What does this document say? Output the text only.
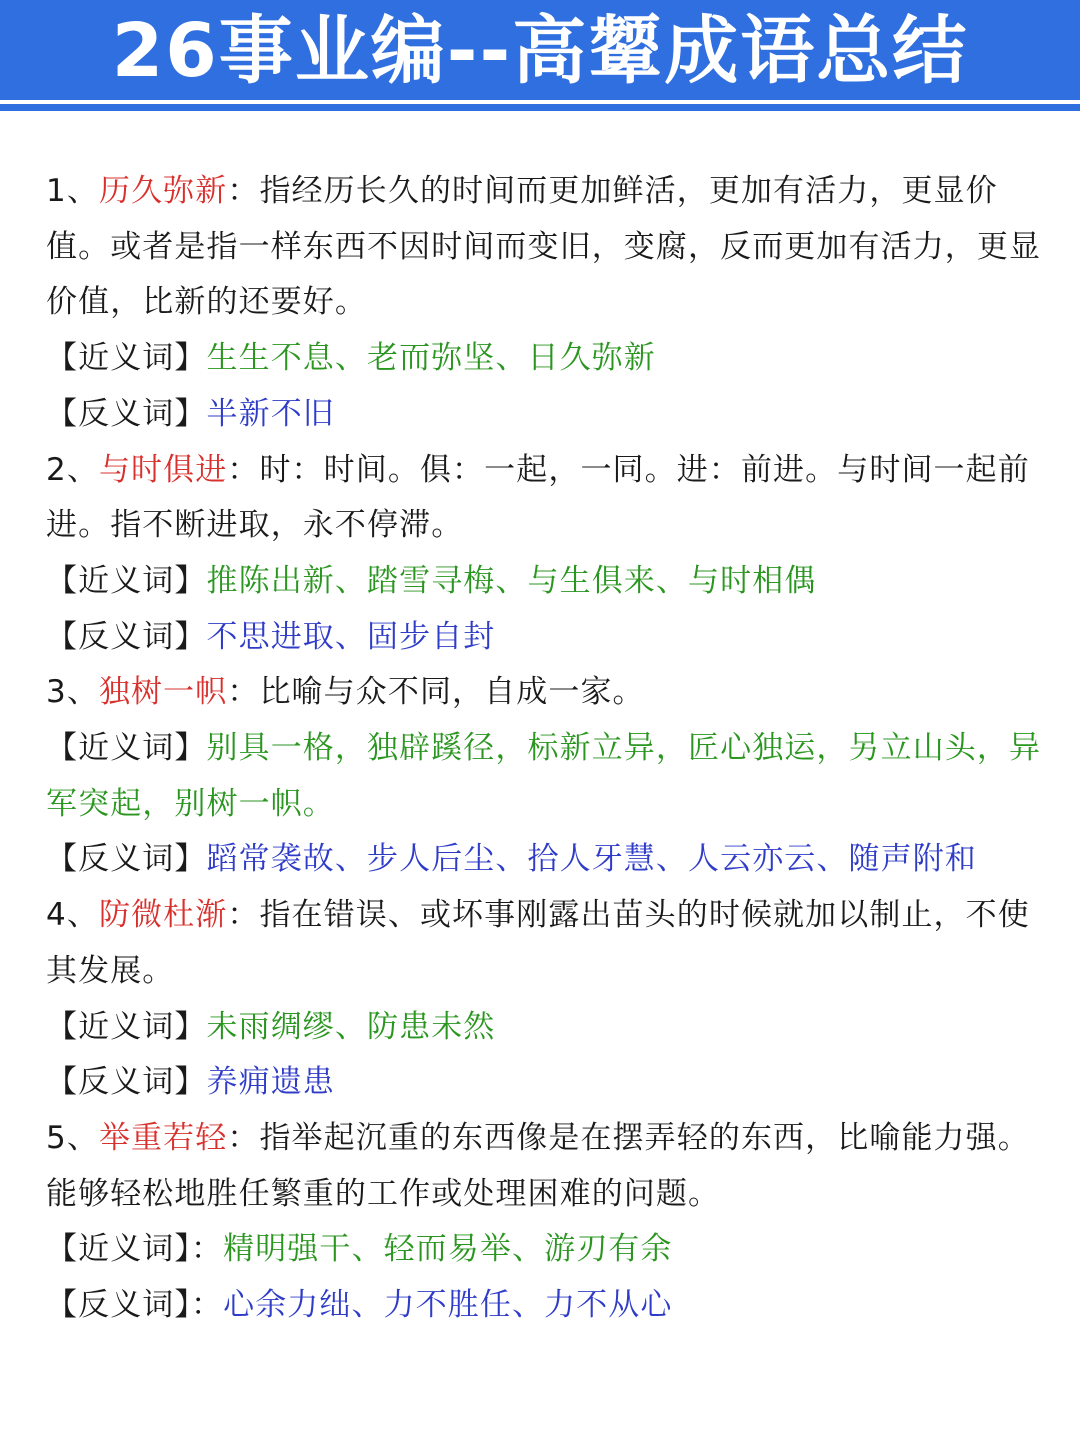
26事业编--高颦成语总结

1、历久弥新：指经历长久的时间而更加鲜活，更加有活力，更显价值。或者是指一样东西不因时间而变旧，变腐，反而更加有活力，更显价值，比新的还要好。

【近义词】生生不息、老而弥坚、日久弥新

【反义词】半新不旧

2、与时俱进：时：时间。俱：一起，一同。进：前进。与时间一起前进。指不断进取，永不停滞。

【近义词】推陈出新、踏雪寻梅、与生俱来、与时相偶

【反义词】不思进取、固步自封

3、独树一帜：比喻与众不同，自成一家。

【近义词】别具一格，独辟蹊径，标新立异，匠心独运，另立山头，异军突起，别树一帜。

【反义词】蹈常袭故、步人后尘、拾人牙慧、人云亦云、随声附和

4、防微杜渐：指在错误、或坏事刚露出苗头的时候就加以制止，不使其发展。

【近义词】未雨绸缪、防患未然

【反义词】养痈遗患

5、举重若轻：指举起沉重的东西像是在摆弄轻的东西，比喻能力强。能够轻松地胜任繁重的工作或处理困难的问题。

【近义词】：精明强干、轻而易举、游刃有余

【反义词】：心余力绌、力不胜任、力不从心
